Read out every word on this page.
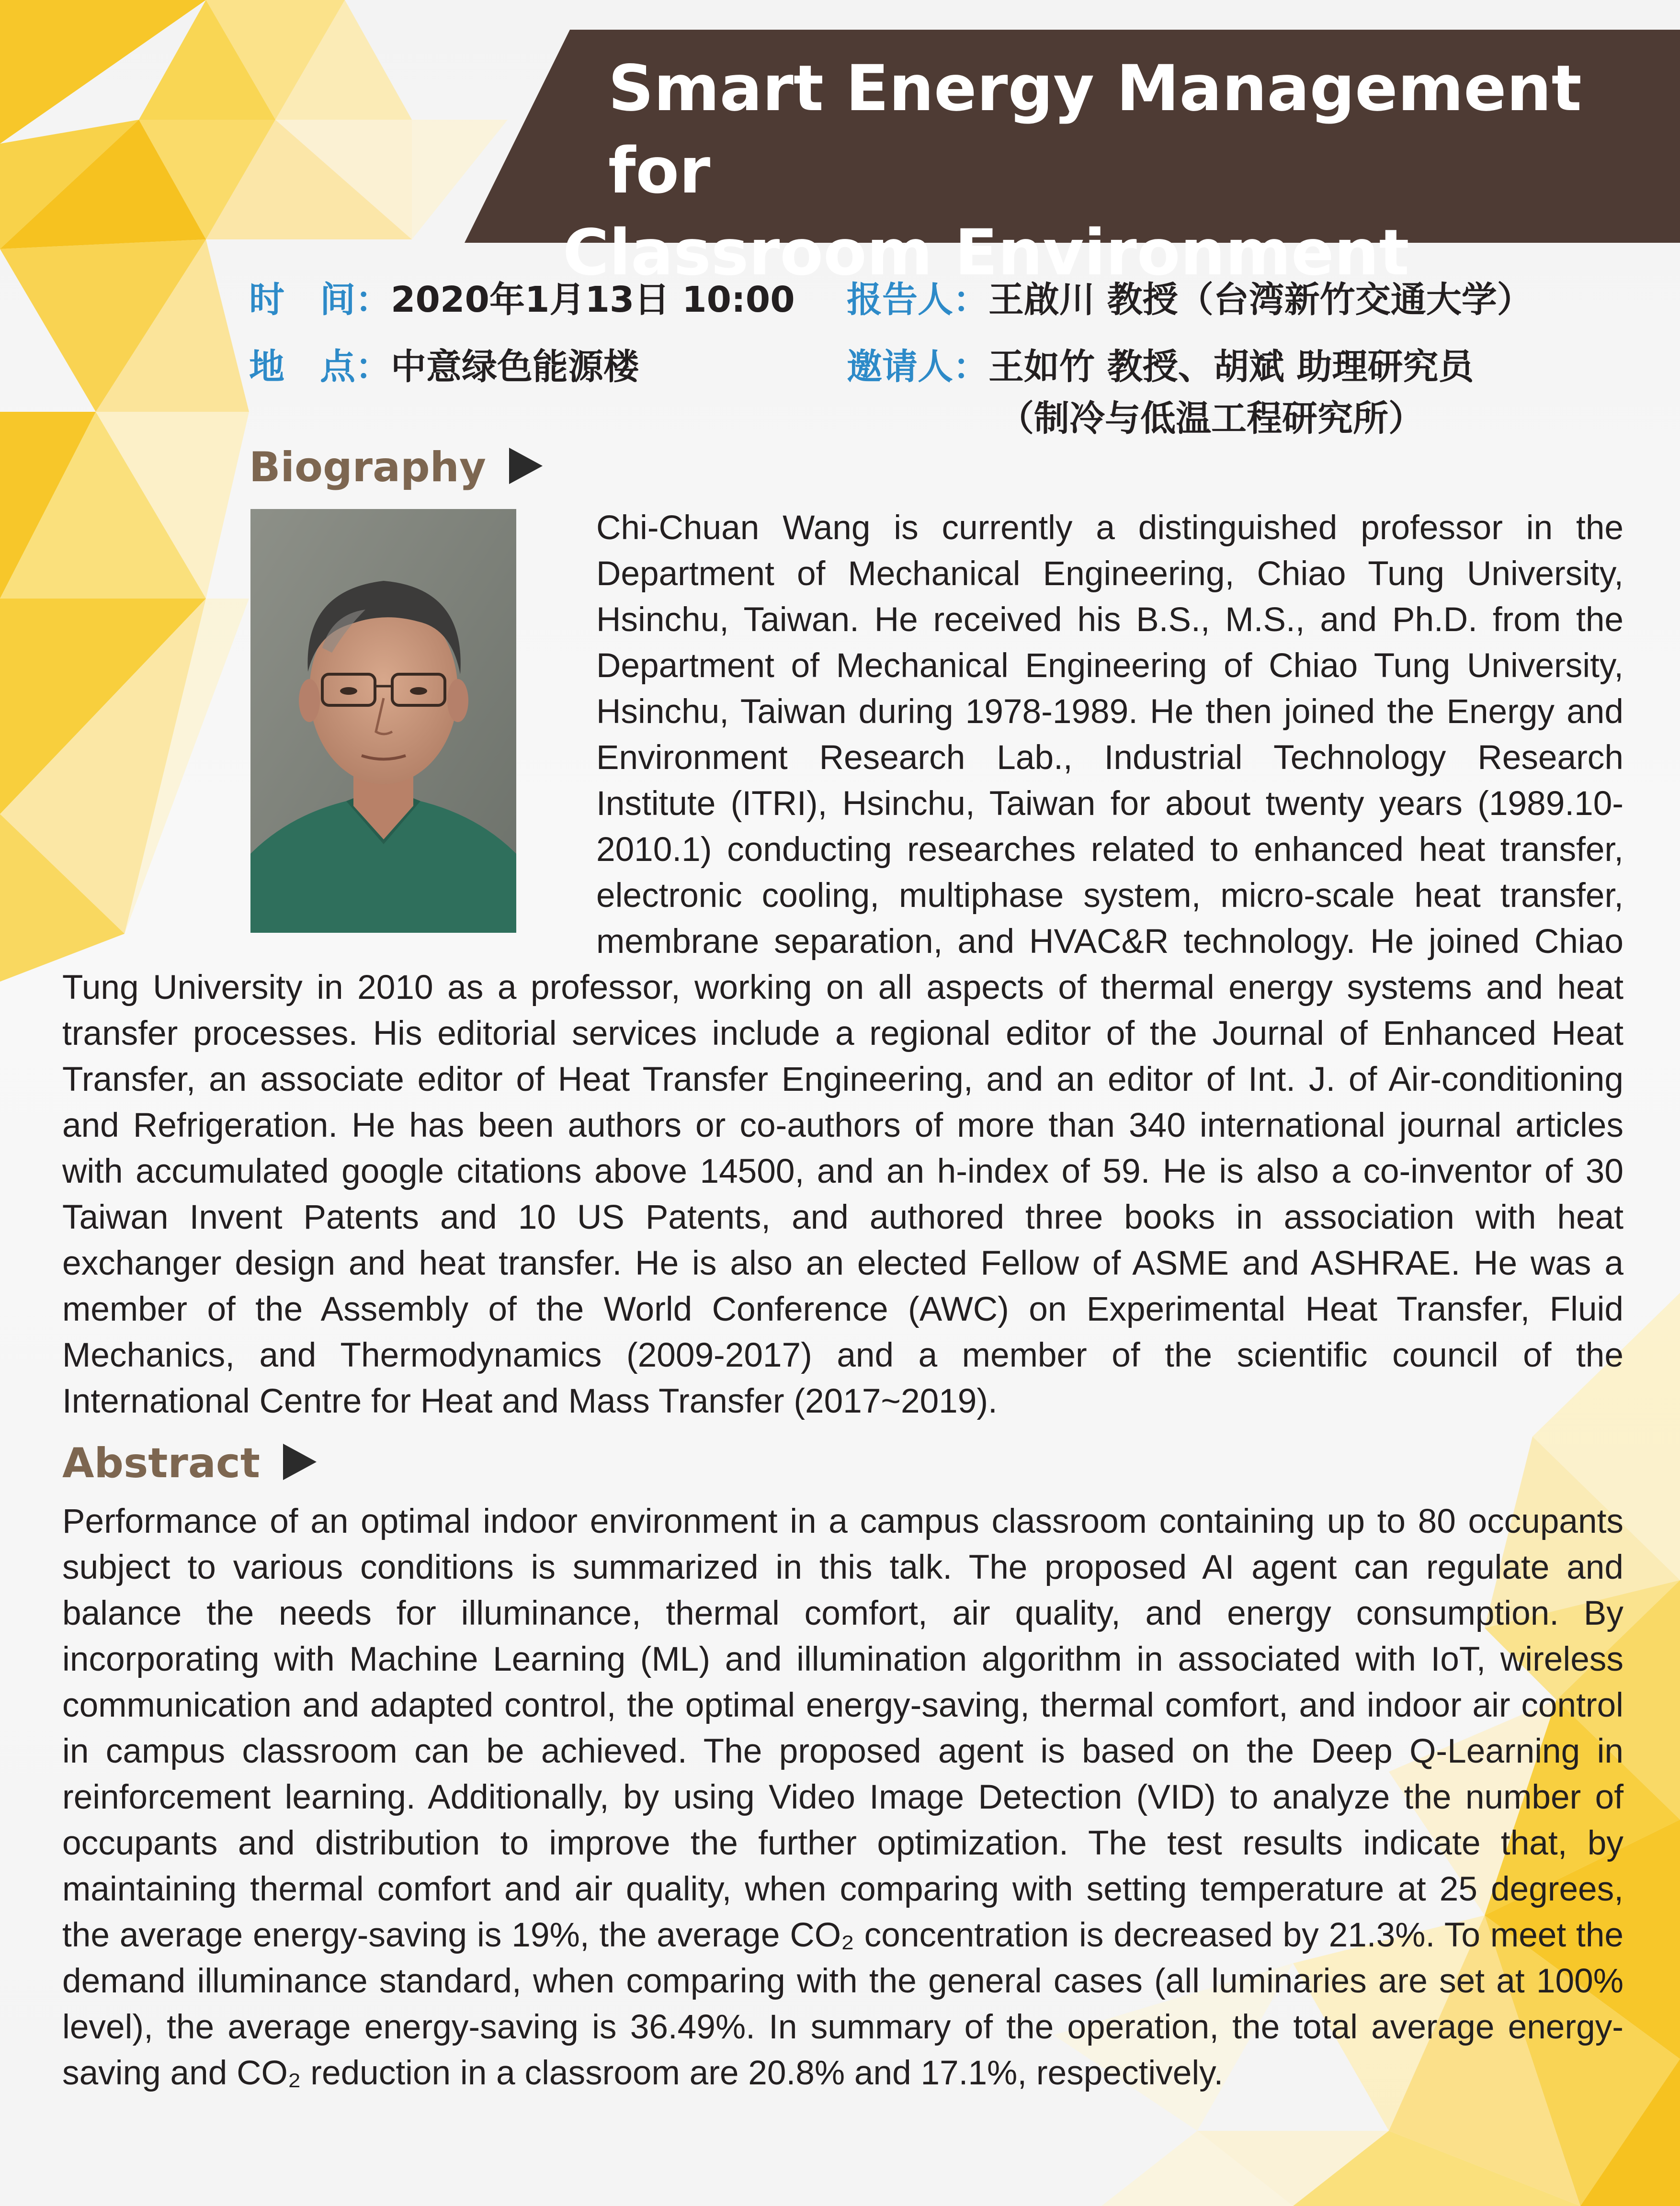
Smart Energy Management for
Classroom Environment
时　间：2020年1月13日 10:00
地　点：中意绿色能源楼
报告人：王啟川 教授（台湾新竹交通大学）
邀请人：王如竹 教授、胡斌 助理研究员
（制冷与低温工程研究所）
Biography
Chi-Chuan Wang is currently a distinguished professor in the Department of Mechanical Engineering, Chiao Tung University, Hsinchu, Taiwan. He received his B.S., M.S., and Ph.D. from the Department of Mechanical Engineering of Chiao Tung University, Hsinchu, Taiwan during 1978-1989. He then joined the Energy and Environment Research Lab., Industrial Technology Research Institute (ITRI), Hsinchu, Taiwan for about twenty years (1989.10-2010.1) conducting researches related to enhanced heat transfer, electronic cooling, multiphase system, micro-scale heat transfer, membrane separation, and HVAC&R technology. He joined Chiao Tung University in 2010 as a professor, working on all aspects of thermal energy systems and heat transfer processes. His editorial services include a regional editor of the Journal of Enhanced Heat Transfer, an associate editor of Heat Transfer Engineering, and an editor of Int. J. of Air-conditioning and Refrigeration. He has been authors or co-authors of more than 340 international journal articles with accumulated google citations above 14500, and an h-index of 59. He is also a co-inventor of 30 Taiwan Invent Patents and 10 US Patents, and authored three books in association with heat exchanger design and heat transfer. He is also an elected Fellow of ASME and ASHRAE. He was a member of the Assembly of the World Conference (AWC) on Experimental Heat Transfer, Fluid Mechanics, and Thermodynamics (2009-2017) and a member of the scientific council of the International Centre for Heat and Mass Transfer (2017~2019).
Abstract

Performance of an optimal indoor environment in a campus classroom containing up to 80 occupants subject to various conditions is summarized in this talk. The proposed AI agent can regulate and balance the needs for illuminance, thermal comfort, air quality, and energy consumption. By incorporating with Machine Learning (ML) and illumination algorithm in associated with IoT, wireless communication and adapted control, the optimal energy-saving, thermal comfort, and indoor air control in campus classroom can be achieved. The proposed agent is based on the Deep Q-Learning in reinforcement learning. Additionally, by using Video Image Detection (VID) to analyze the number of occupants and distribution to improve the further optimization. The test results indicate that, by maintaining thermal comfort and air quality, when comparing with setting temperature at 25 degrees, the average energy-saving is 19%, the average CO₂ concentration is decreased by 21.3%. To meet the demand illuminance standard, when comparing with the general cases (all luminaries are set at 100% level), the average energy-saving is 36.49%. In summary of the operation, the total average energy-saving and CO₂ reduction in a classroom are 20.8% and 17.1%, respectively.
